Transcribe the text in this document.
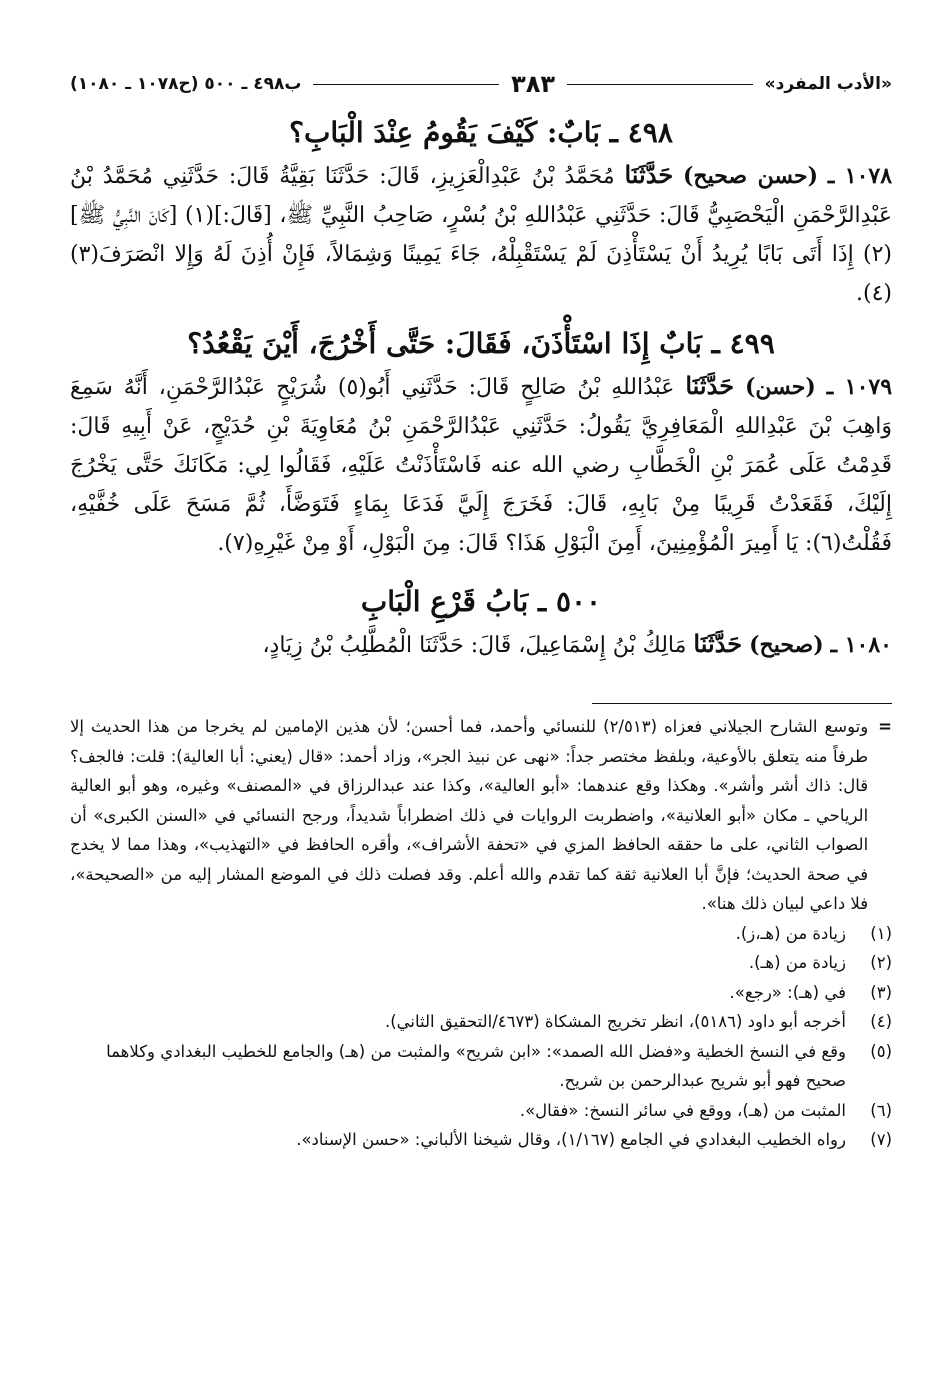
«الأدب المفرد»
٣٨٣
ب٤٩٨ ـ ٥٠٠ (ح١٠٧٨ ـ ١٠٨٠)
٤٩٨ ـ بَابٌ: كَيْفَ يَقُومُ عِنْدَ الْبَابِ؟

١٠٧٨ ـ (حسن صحيح) حَدَّثَنَا مُحَمَّدُ بْنُ عَبْدِالْعَزِيزِ، قَالَ: حَدَّثَنَا بَقِيَّةُ قَالَ: حَدَّثَنِي مُحَمَّدُ بْنُ عَبْدِالرَّحْمَنِ الْيَحْصَبِيُّ قَالَ: حَدَّثَنِي عَبْدُاللهِ بْنُ بُسْرٍ، صَاحِبُ النَّبِيِّ ﷺ، [قَالَ:](١) [كَانَ النَّبِيُّ ﷺ](٢) إِذَا أَتَى بَابًا يُرِيدُ أَنْ يَسْتَأْذِنَ لَمْ يَسْتَقْبِلْهُ، جَاءَ يَمِينًا وَشِمَالاً، فَإِنْ أُذِنَ لَهُ وَإِلا انْصَرَفَ(٣)(٤).

٤٩٩ ـ بَابٌ إِذَا اسْتَأْذَنَ، فَقَالَ: حَتَّى أَخْرُجَ، أَيْنَ يَقْعُدُ؟

١٠٧٩ ـ (حسن) حَدَّثَنَا عَبْدُاللهِ بْنُ صَالِحٍ قَالَ: حَدَّثَنِي أَبُو(٥) شُرَيْحٍ عَبْدُالرَّحْمَنِ، أَنَّهُ سَمِعَ وَاهِبَ بْنَ عَبْدِاللهِ الْمَعَافِرِيَّ يَقُولُ: حَدَّثَنِي عَبْدُالرَّحْمَنِ بْنُ مُعَاوِيَةَ بْنِ حُدَيْجٍ، عَنْ أَبِيهِ قَالَ: قَدِمْتُ عَلَى عُمَرَ بْنِ الْخَطَّابِ رضي الله عنه فَاسْتَأْذَنْتُ عَلَيْهِ، فَقَالُوا لِي: مَكَانَكَ حَتَّى يَخْرُجَ إِلَيْكَ، فَقَعَدْتُ قَرِيبًا مِنْ بَابِهِ، قَالَ: فَخَرَجَ إِلَيَّ فَدَعَا بِمَاءٍ فَتَوَضَّأَ، ثُمَّ مَسَحَ عَلَى خُفَّيْهِ، فَقُلْتُ(٦): يَا أَمِيرَ الْمُؤْمِنِينَ، أَمِنَ الْبَوْلِ هَذَا؟ قَالَ: مِنَ الْبَوْلِ، أَوْ مِنْ غَيْرِهِ(٧).

٥٠٠ ـ بَابُ قَرْعِ الْبَابِ

١٠٨٠ ـ (صحيح) حَدَّثَنَا مَالِكُ بْنُ إِسْمَاعِيلَ، قَالَ: حَدَّثَنَا الْمُطَّلِبُ بْنُ زِيَادٍ،

=
وتوسع الشارح الجيلاني فعزاه (٢/٥١٣) للنسائي وأحمد، فما أحسن؛ لأن هذين الإمامين لم يخرجا من هذا الحديث إلا طرفاً منه يتعلق بالأوعية، وبلفظ مختصر جداً: «نهى عن نبيذ الجر»، وزاد أحمد: «قال (يعني: أبا العالية): قلت: فالجف؟ قال: ذاك أشر وأشر». وهكذا وقع عندهما: «أبو العالية»، وكذا عند عبدالرزاق في «المصنف» وغيره، وهو أبو العالية الرياحي ـ مكان «أبو العلانية»، واضطربت الروايات في ذلك اضطراباً شديداً، ورجح النسائي في «السنن الكبرى» أن الصواب الثاني، على ما حققه الحافظ المزي في «تحفة الأشراف»، وأقره الحافظ في «التهذيب»، وهذا مما لا يخدج في صحة الحديث؛ فإنَّ أبا العلانية ثقة كما تقدم والله أعلم. وقد فصلت ذلك في الموضع المشار إليه من «الصحيحة»، فلا داعي لبيان ذلك هنا».
(١)
زيادة من (هـ،ز).
(٢)
زيادة من (هـ).
(٣)
في (هـ): «رجع».
(٤)
أخرجه أبو داود (٥١٨٦)، انظر تخريج المشكاة (٤٦٧٣/التحقيق الثاني).
(٥)
وقع في النسخ الخطية و«فضل الله الصمد»: «ابن شريح» والمثبت من (هـ) والجامع للخطيب البغدادي وكلاهما صحيح فهو أبو شريح عبدالرحمن بن شريح.
(٦)
المثبت من (هـ)، ووقع في سائر النسخ: «فقال».
(٧)
رواه الخطيب البغدادي في الجامع (١/١٦٧)، وقال شيخنا الألباني: «حسن الإسناد».
